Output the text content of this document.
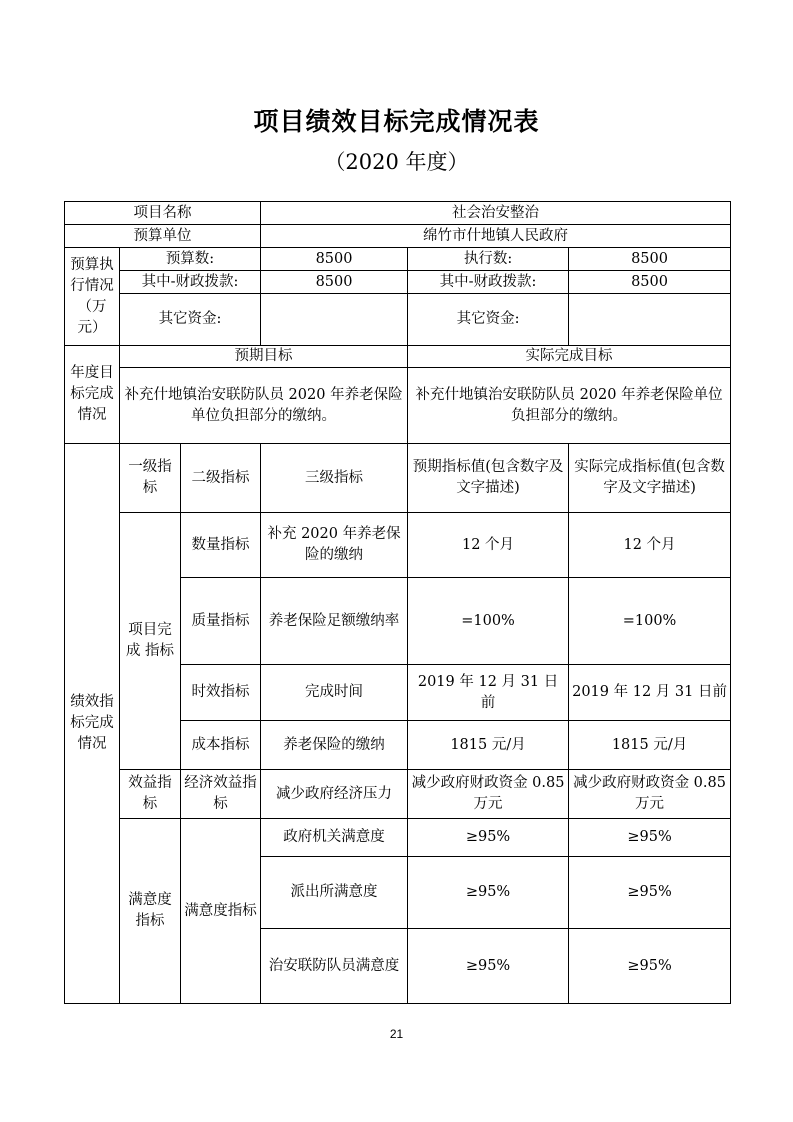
项目绩效目标完成情况表
（2020 年度）
项目名称			社会治安整治		
预算单位			绵竹市什地镇人民政府		
预算执行情况（万元）	预算数:		8500	执行数:	8500
	其中-财政拨款:		8500	其中-财政拨款:	8500
	其它资金:			其它资金:	
年度目标完成情况	预期目标			实际完成目标	
	补充什地镇治安联防队员 2020 年养老保险单位负担部分的缴纳。			补充什地镇治安联防队员 2020 年养老保险单位负担部分的缴纳。	
绩效指标完成情况	一级指标	二级指标	三级指标	预期指标值(包含数字及文字描述)	实际完成指标值(包含数字及文字描述)
	项目完成 指标	数量指标	补充 2020 年养老保险的缴纳	12 个月	12 个月
		质量指标	养老保险足额缴纳率	=100%	=100%
		时效指标	完成时间	2019 年 12 月 31 日前	2019 年 12 月 31 日前
		成本指标	养老保险的缴纳	1815 元/月	1815 元/月
	效益指标	经济效益指标	减少政府经济压力	减少政府财政资金 0.85 万元	减少政府财政资金 0.85 万元
	满意度指标	满意度指标	政府机关满意度	≥95%	≥95%
			派出所满意度	≥95%	≥95%
			治安联防队员满意度	≥95%	≥95%
21
